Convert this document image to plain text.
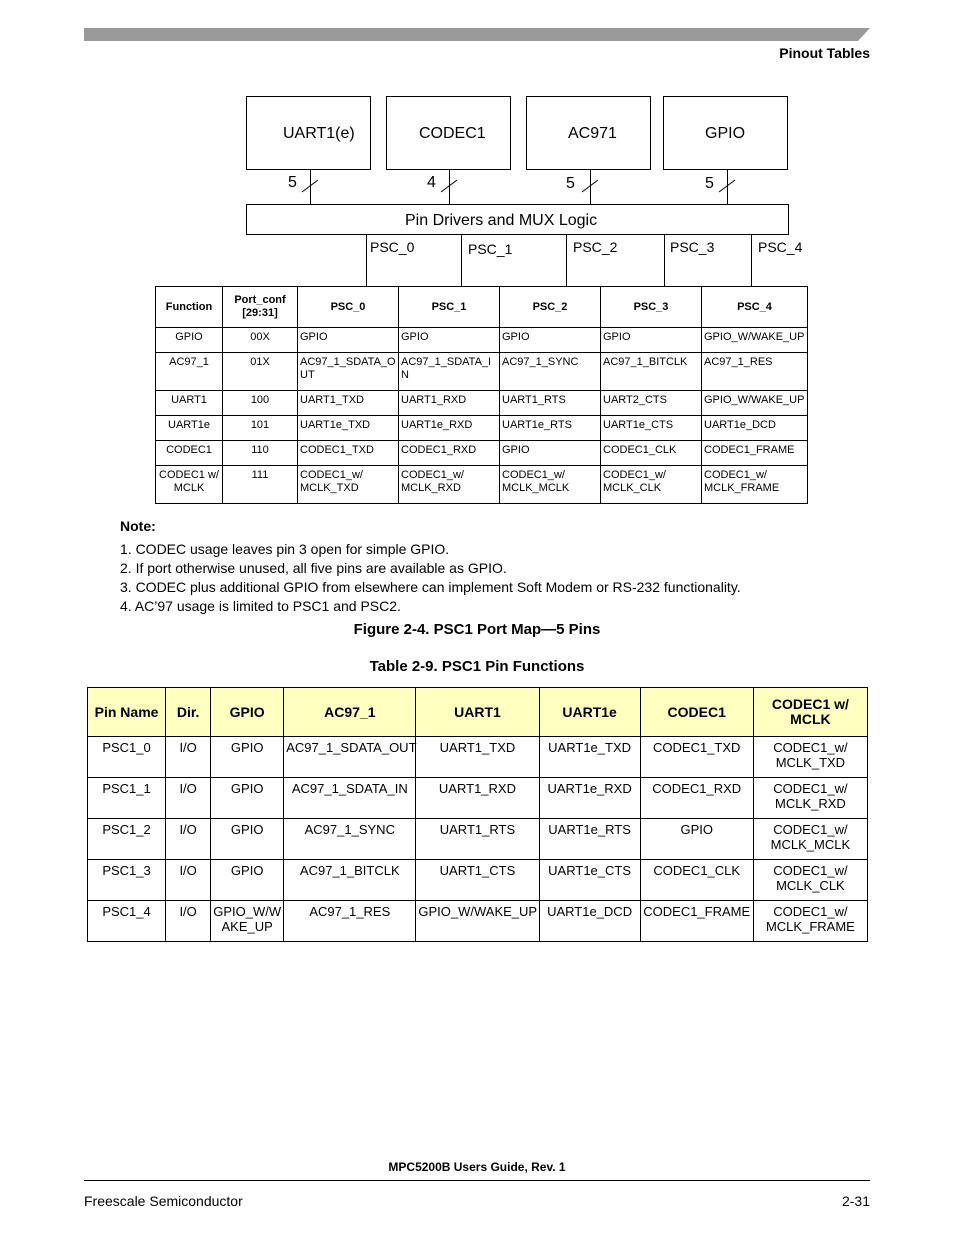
Pinout Tables
UART1(e)	CODEC1	AC971	GPIO
5	4	5	5
Pin Drivers and MUX Logic
PSC_0	PSC_1	PSC_2	PSC_3	PSC_4
Function	Port_conf [29:31]	PSC_0	PSC_1	PSC_2	PSC_3	PSC_4
GPIO	00X	GPIO	GPIO	GPIO	GPIO	GPIO_W/WAKE_UP
AC97_1	01X	AC97_1_SDATA_OUT	AC97_1_SDATA_IN	AC97_1_SYNC	AC97_1_BITCLK	AC97_1_RES
UART1	100	UART1_TXD	UART1_RXD	UART1_RTS	UART2_CTS	GPIO_W/WAKE_UP
UART1e	101	UART1e_TXD	UART1e_RXD	UART1e_RTS	UART1e_CTS	UART1e_DCD
CODEC1	110	CODEC1_TXD	CODEC1_RXD	GPIO	CODEC1_CLK	CODEC1_FRAME
CODEC1 w/ MCLK	111	CODEC1_w/ MCLK_TXD	CODEC1_w/ MCLK_RXD	CODEC1_w/ MCLK_MCLK	CODEC1_w/ MCLK_CLK	CODEC1_w/ MCLK_FRAME
Note:
1. CODEC usage leaves pin 3 open for simple GPIO.
2. If port otherwise unused, all five pins are available as GPIO.
3. CODEC plus additional GPIO from elsewhere can implement Soft Modem or RS-232 functionality.
4. AC’97 usage is limited to PSC1 and PSC2.
Figure 2-4. PSC1 Port Map—5 Pins
Table 2-9. PSC1 Pin Functions
Pin Name	Dir.	GPIO	AC97_1	UART1	UART1e	CODEC1	CODEC1 w/ MCLK
PSC1_0	I/O	GPIO	AC97_1_SDATA_OUT	UART1_TXD	UART1e_TXD	CODEC1_TXD	CODEC1_w/ MCLK_TXD
PSC1_1	I/O	GPIO	AC97_1_SDATA_IN	UART1_RXD	UART1e_RXD	CODEC1_RXD	CODEC1_w/ MCLK_RXD
PSC1_2	I/O	GPIO	AC97_1_SYNC	UART1_RTS	UART1e_RTS	GPIO	CODEC1_w/ MCLK_MCLK
PSC1_3	I/O	GPIO	AC97_1_BITCLK	UART1_CTS	UART1e_CTS	CODEC1_CLK	CODEC1_w/ MCLK_CLK
PSC1_4	I/O	GPIO_W/WAKE_UP	AC97_1_RES	GPIO_W/WAKE_UP	UART1e_DCD	CODEC1_FRAME	CODEC1_w/ MCLK_FRAME
MPC5200B Users Guide, Rev. 1
Freescale Semiconductor	2-31
